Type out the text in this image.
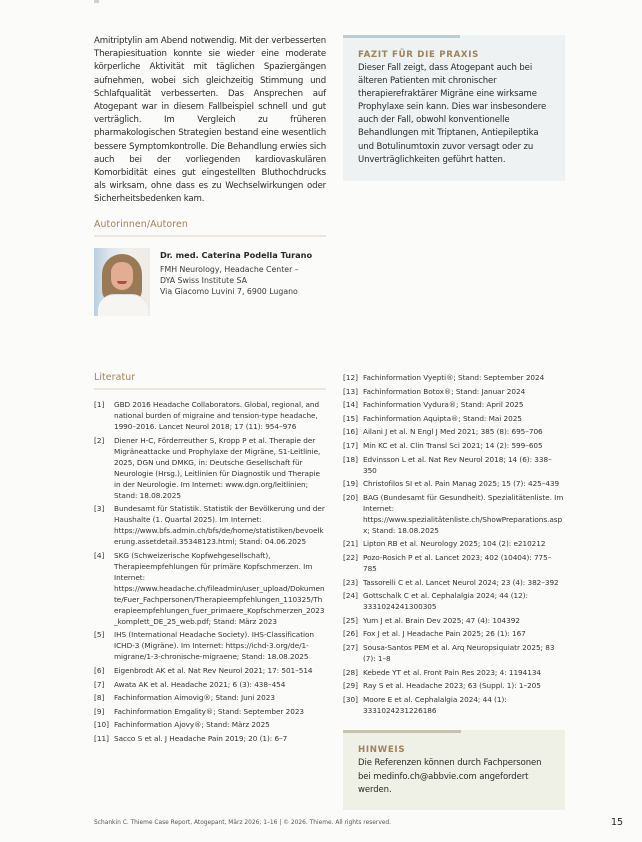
Amitriptylin am Abend notwendig. Mit der verbesserten Therapiesituation konnte sie wieder eine moderate körperliche Aktivität mit täglichen Spaziergängen aufnehmen, wobei sich gleichzeitig Stimmung und Schlafqualität verbesserten. Das Ansprechen auf Atogepant war in diesem Fallbeispiel schnell und gut verträglich. Im Vergleich zu früheren pharmakologischen Strategien bestand eine wesentlich bessere Symptomkontrolle. Die Behandlung erwies sich auch bei der vorliegenden kardiovaskulären Komorbidität eines gut eingestellten Bluthochdrucks als wirksam, ohne dass es zu Wechselwirkungen oder Sicherheitsbedenken kam.

FAZIT FÜR DIE PRAXIS

Dieser Fall zeigt, dass Atogepant auch bei älteren Patienten mit chronischer therapierefraktärer Migräne eine wirksame Prophylaxe sein kann. Dies war insbesondere auch der Fall, obwohl konventionelle Behandlungen mit Triptanen, Antiepileptika und Botulinumtoxin zuvor versagt oder zu Unverträglichkeiten geführt hatten.

Autorinnen/Autoren

Dr. med. Caterina Podella Turano

FMH Neurology, Headache Center –

DYA Swiss Institute SA

Via Giacomo Luvini 7, 6900 Lugano

Literatur

[1]	GBD 2016 Headache Collaborators. Global, regional, and national burden of migraine and tension-type headache, 1990–2016. Lancet Neurol 2018; 17 (11): 954–976
[2]	Diener H-C, Förderreuther S, Kropp P et al. Therapie der Migräneattacke und Prophylaxe der Migräne, S1-Leitlinie, 2025, DGN und DMKG, in: Deutsche Gesellschaft für Neurologie (Hrsg.), Leitlinien für Diagnostik und Therapie in der Neurologie. Im Internet: www.dgn.org/leitlinien; Stand: 18.08.2025
[3]	Bundesamt für Statistik. Statistik der Bevölkerung und der Haushalte (1. Quartal 2025). Im Internet: https://www.bfs.admin.ch/bfs/de/home/statistiken/bevoelkerung.assetdetail.35348123.html; Stand: 04.06.2025
[4]	SKG (Schweizerische Kopfwehgesellschaft), Therapieempfehlungen für primäre Kopfschmerzen. Im Internet: https://www.headache.ch/fileadmin/user_upload/Dokumente/Fuer_Fachpersonen/Therapieempfehlungen_110325/Therapieempfehlungen_fuer_primaere_Kopfschmerzen_2023_komplett_DE_25_web.pdf; Stand: März 2023
[5]	IHS (International Headache Society). IHS-Classification ICHD-3 (Migräne). Im Internet: https://ichd-3.org/de/1-migrane/1-3-chronische-migraene; Stand: 18.08.2025
[6]	Eigenbrodt AK et al. Nat Rev Neurol 2021; 17: 501–514
[7]	Awata AK et al. Headache 2021; 6 (3): 438–454
[8]	Fachinformation Aimovig®; Stand: Juni 2023
[9]	Fachinformation Emgality®; Stand: September 2023
[10] Fachinformation Ajovy®; Stand: März 2025
[11] Sacco S et al. J Headache Pain 2019; 20 (1): 6–7
[12] Fachinformation Vyepti®; Stand: September 2024
[13] Fachinformation Botox®; Stand: Januar 2024
[14] Fachinformation Vydura®; Stand: April 2025
[15] Fachinformation Aquipta®; Stand: Mai 2025
[16] Ailani J et al. N Engl J Med 2021; 385 (8): 695–706
[17] Min KC et al. Clin Transl Sci 2021; 14 (2): 599–605
[18] Edvinsson L et al. Nat Rev Neurol 2018; 14 (6): 338–350
[19] Christofilos SI et al. Pain Manag 2025; 15 (7): 425–439
[20] BAG (Bundesamt für Gesundheit). Spezialitätenliste. Im Internet: https://www.spezialitätenliste.ch/ShowPreparations.aspx; Stand: 18.08.2025
[21] Lipton RB et al. Neurology 2025; 104 (2): e210212
[22] Pozo-Rosich P et al. Lancet 2023; 402 (10404): 775–785
[23] Tassorelli C et al. Lancet Neurol 2024; 23 (4): 382–392
[24] Gottschalk C et al. Cephalalgia 2024; 44 (12): 3331024241300305
[25] Yum J et al. Brain Dev 2025; 47 (4): 104392
[26] Fox J et al. J Headache Pain 2025; 26 (1): 167
[27] Sousa-Santos PEM et al. Arq Neuropsiquiatr 2025; 83 (7): 1–8
[28] Kebede YT et al. Front Pain Res 2023; 4: 1194134
[29] Ray S et al. Headache 2023; 63 (Suppl. 1): 1–205
[30] Moore E et al. Cephalalgia 2024; 44 (1): 3331024231226186

HINWEIS

Die Referenzen können durch Fachpersonen bei medinfo.ch@abbvie.com angefordert werden.

Schankin C. Thieme Case Report, Atogepant, März 2026; 1–16 | © 2026. Thieme. All rights reserved.	15
